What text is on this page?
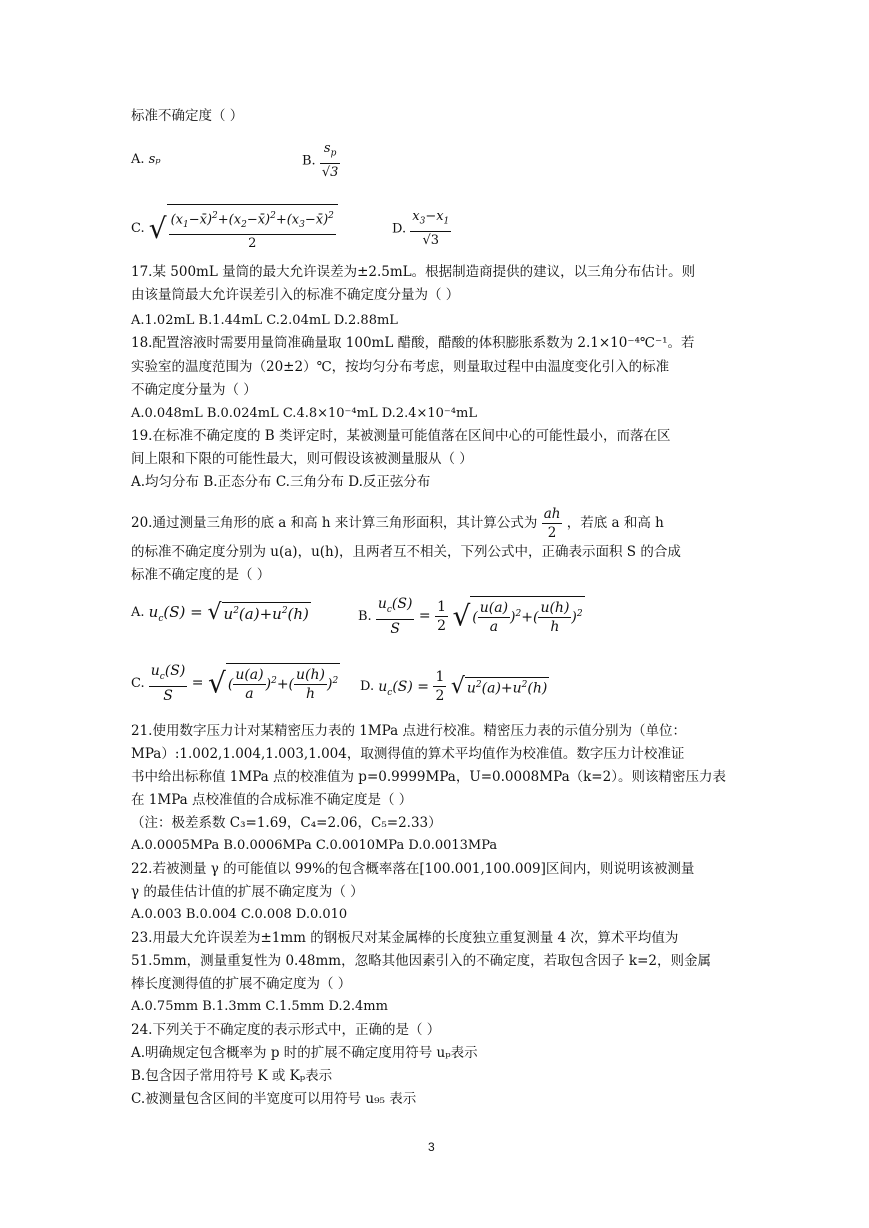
标准不确定度（ ）
A. sₚ	B. $\frac{s_p}{√3}$
C. √ $\frac{(x_1-x̄)^2+(x_2-x̄)^2+(x_3-x̄)^2}{2}$	D. $\frac{x_3-x_1}{√3}$
17.某 500mL 量筒的最大允许误差为±2.5mL。根据制造商提供的建议，以三角分布估计。则
由该量筒最大允许误差引入的标准不确定度分量为（ ）
A.1.02mL B.1.44mL C.2.04mL D.2.88mL
18.配置溶液时需要用量筒准确量取 100mL 醋酸，醋酸的体积膨胀系数为 2.1×10⁻⁴℃⁻¹。若
实验室的温度范围为（20±2）℃，按均匀分布考虑，则量取过程中由温度变化引入的标准
不确定度分量为（ ）
A.0.048mL B.0.024mL C.4.8×10⁻⁴mL D.2.4×10⁻⁴mL
19.在标准不确定度的 B 类评定时，某被测量可能值落在区间中心的可能性最小，而落在区
间上限和下限的可能性最大，则可假设该被测量服从（ ）
A.均匀分布 B.正态分布 C.三角分布 D.反正弦分布
20.通过测量三角形的底 a 和高 h 来计算三角形面积，其计算公式为 $\frac{ah}{2}$ ，若底 a 和高 h
的标准不确定度分别为 u(a)，u(h)，且两者互不相关，下列公式中，正确表示面积 S 的合成
标准不确定度的是（ ）
A. $u_c(S)$ = √ $u^2(a)+u^2(h)$	B. $\frac{u_c(S)}{S} = \frac{1}{2}$ √ ( $\frac{u(a)}{a} )^2+( \frac{u(h)}{h} )^2$
C. $\frac{u_c(S)}{S}$ = √ ( $\frac{u(a)}{a} )^2+( \frac{u(h)}{h} )^2$ D. $u_c(S) = \frac{1}{2}$ √ $u^2(a)+u^2(h)$
21.使用数字压力计对某精密压力表的 1MPa 点进行校准。精密压力表的示值分别为（单位：
MPa）:1.002,1.004,1.003,1.004，取测得值的算术平均值作为校准值。数字压力计校准证
书中给出标称值 1MPa 点的校准值为 p=0.9999MPa，U=0.0008MPa（k=2）。则该精密压力表
在 1MPa 点校准值的合成标准不确定度是（ ）
（注：极差系数 C₃=1.69，C₄=2.06，C₅=2.33）
A.0.0005MPa B.0.0006MPa C.0.0010MPa D.0.0013MPa
22.若被测量 γ 的可能值以 99%的包含概率落在[100.001,100.009]区间内，则说明该被测量
γ 的最佳估计值的扩展不确定度为（ ）
A.0.003 B.0.004 C.0.008 D.0.010
23.用最大允许误差为±1mm 的钢板尺对某金属棒的长度独立重复测量 4 次，算术平均值为
51.5mm，测量重复性为 0.48mm，忽略其他因素引入的不确定度，若取包含因子 k=2，则金属
棒长度测得值的扩展不确定度为（ ）
A.0.75mm B.1.3mm C.1.5mm D.2.4mm
24.下列关于不确定度的表示形式中，正确的是（ ）
A.明确规定包含概率为 p 时的扩展不确定度用符号 uₚ表示
B.包含因子常用符号 K 或 Kₚ表示
C.被测量包含区间的半宽度可以用符号 u₉₅ 表示
3
